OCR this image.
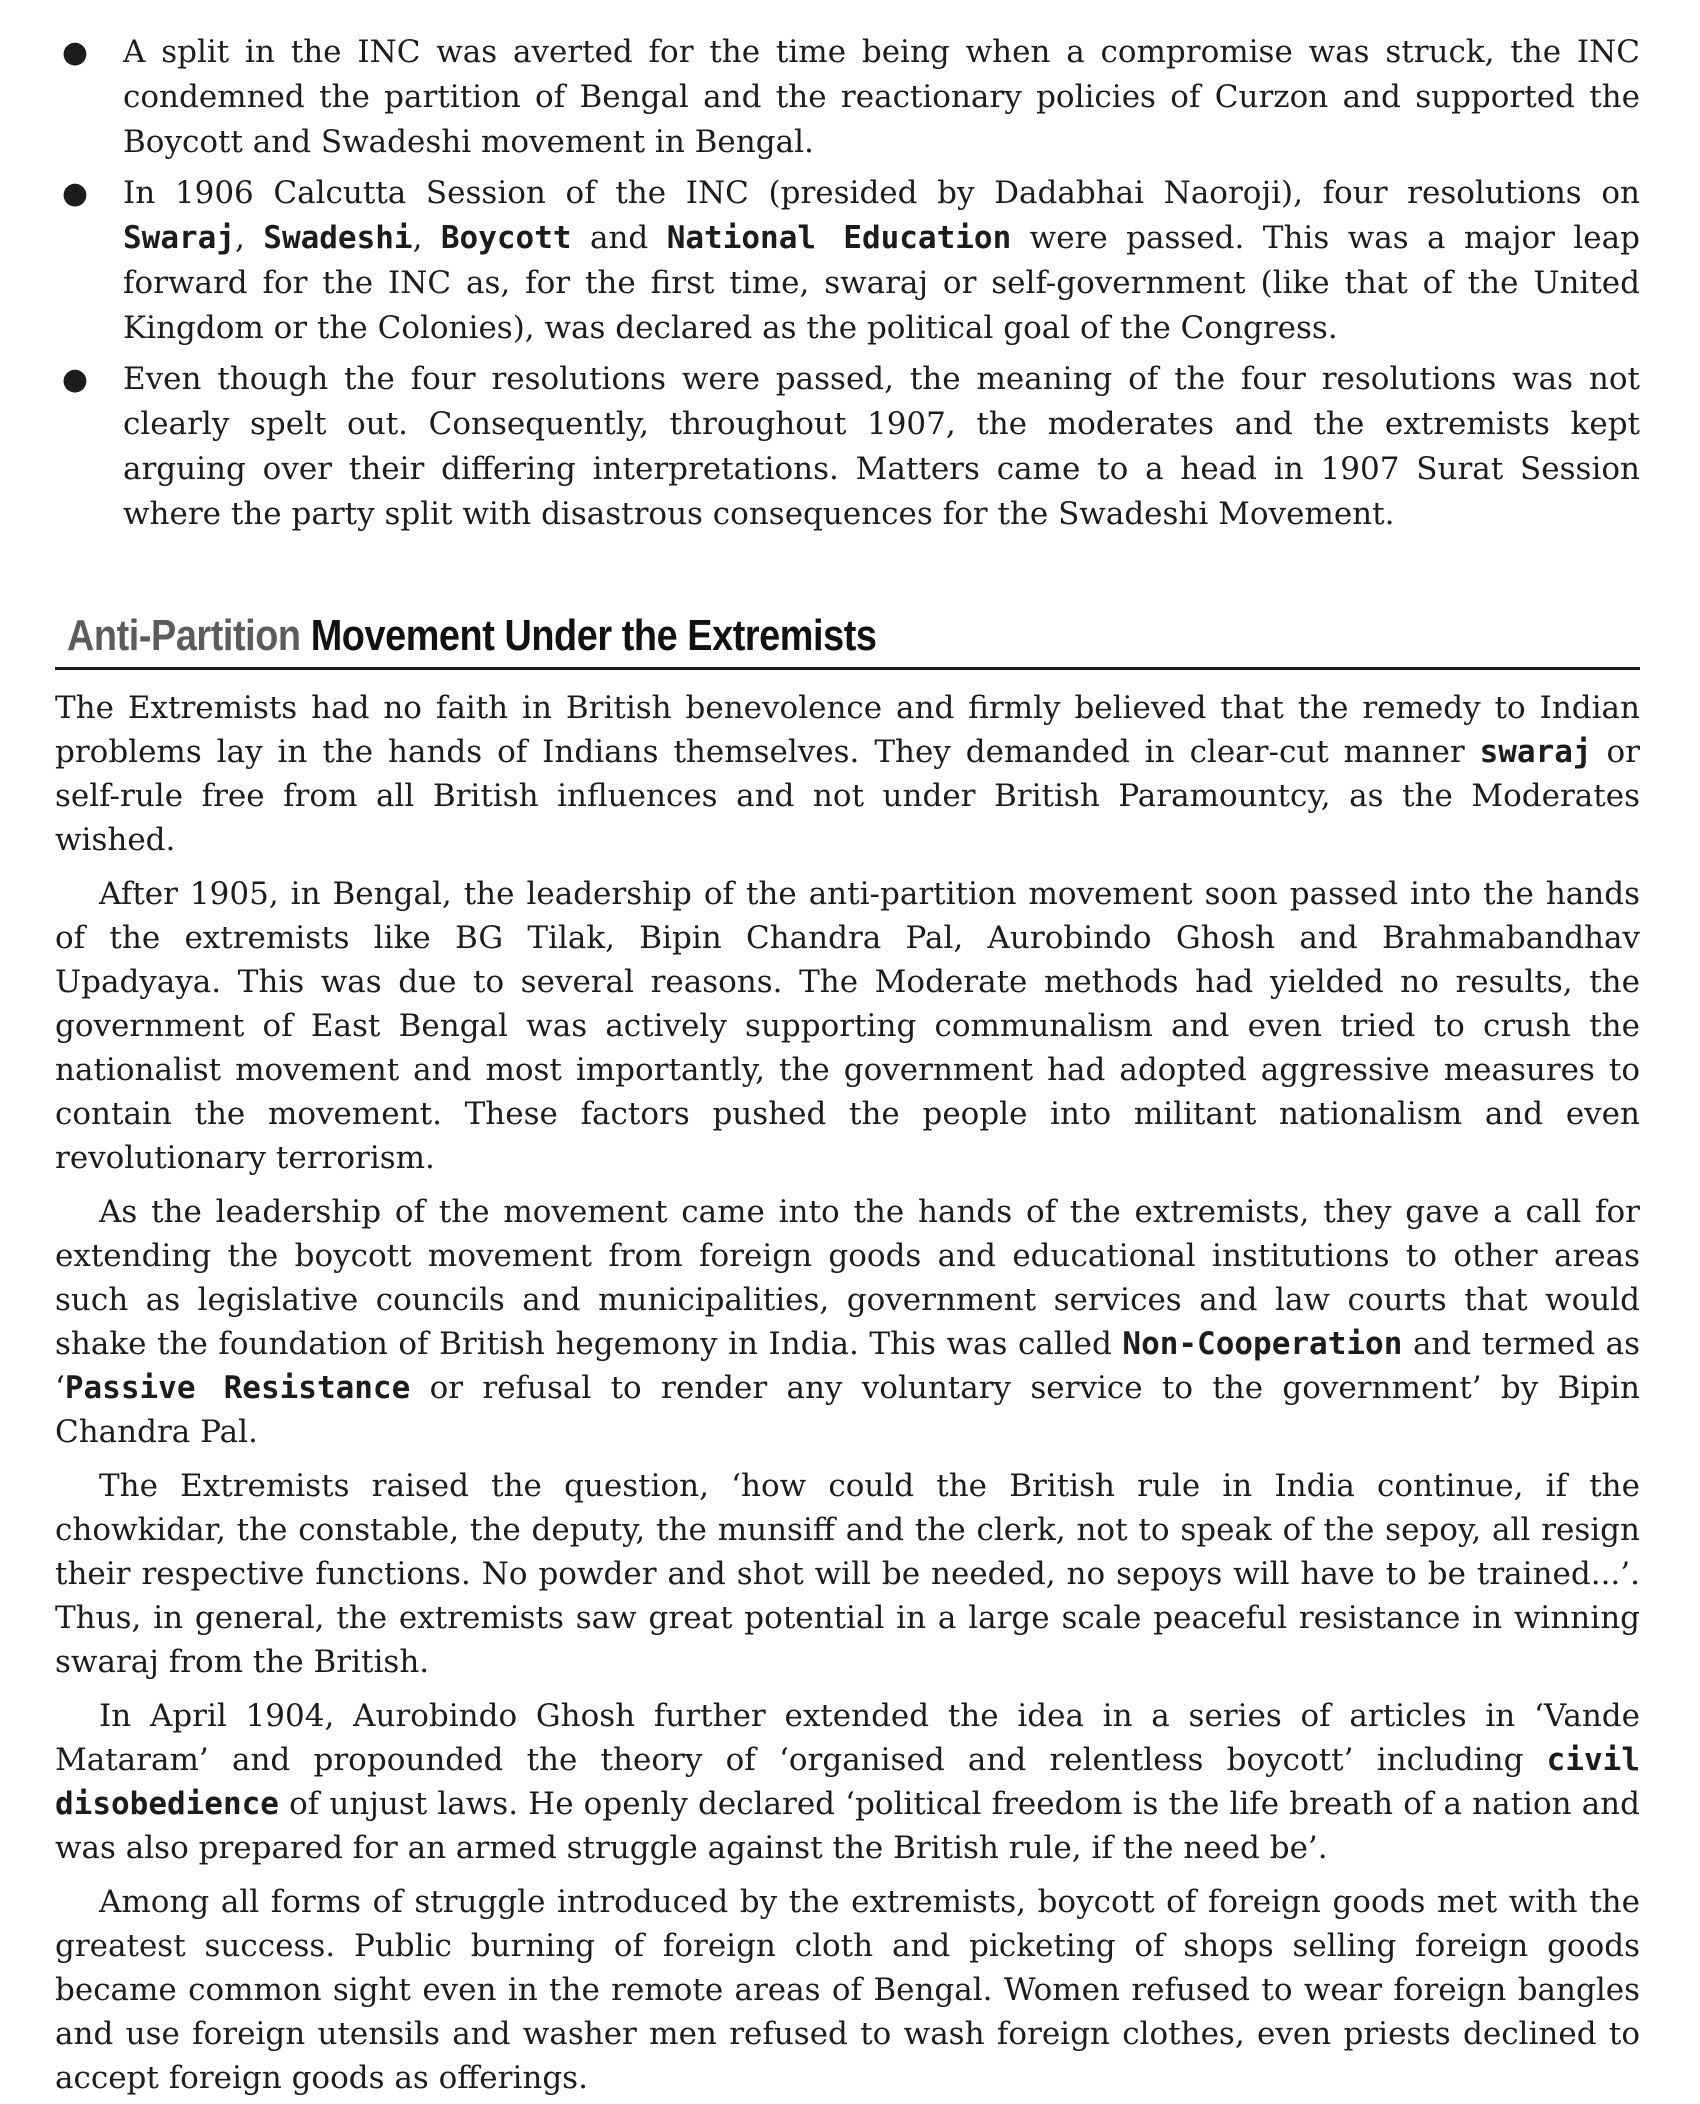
● A split in the INC was averted for the time being when a compromise was struck, the INC condemned the partition of Bengal and the reactionary policies of Curzon and supported the Boycott and Swadeshi movement in Bengal.
● In 1906 Calcutta Session of the INC (presided by Dadabhai Naoroji), four resolutions on Swaraj, Swadeshi, Boycott and National Education were passed. This was a major leap forward for the INC as, for the first time, swaraj or self-government (like that of the United Kingdom or the Colonies), was declared as the political goal of the Congress.
● Even though the four resolutions were passed, the meaning of the four resolutions was not clearly spelt out. Consequently, throughout 1907, the moderates and the extremists kept arguing over their differing interpretations. Matters came to a head in 1907 Surat Session where the party split with disastrous consequences for the Swadeshi Movement.
Anti-Partition Movement Under the Extremists

The Extremists had no faith in British benevolence and firmly believed that the remedy to Indian problems lay in the hands of Indians themselves. They demanded in clear-cut manner swaraj or self-rule free from all British influences and not under British Paramountcy, as the Moderates wished.

After 1905, in Bengal, the leadership of the anti-partition movement soon passed into the hands of the extremists like BG Tilak, Bipin Chandra Pal, Aurobindo Ghosh and Brahmabandhav Upadyaya. This was due to several reasons. The Moderate methods had yielded no results, the government of East Bengal was actively supporting communalism and even tried to crush the nationalist movement and most importantly, the government had adopted aggressive measures to contain the movement. These factors pushed the people into militant nationalism and even revolutionary terrorism.

As the leadership of the movement came into the hands of the extremists, they gave a call for extending the boycott movement from foreign goods and educational institutions to other areas such as legislative councils and municipalities, government services and law courts that would shake the foundation of British hegemony in India. This was called Non-Cooperation and termed as ‘Passive Resistance or refusal to render any voluntary service to the government’ by Bipin Chandra Pal.

The Extremists raised the question, ‘how could the British rule in India continue, if the chowkidar, the constable, the deputy, the munsiff and the clerk, not to speak of the sepoy, all resign their respective functions. No powder and shot will be needed, no sepoys will have to be trained...’. Thus, in general, the extremists saw great potential in a large scale peaceful resistance in winning swaraj from the British.

In April 1904, Aurobindo Ghosh further extended the idea in a series of articles in ‘Vande Mataram’ and propounded the theory of ‘organised and relentless boycott’ including civil disobedience of unjust laws. He openly declared ‘political freedom is the life breath of a nation and was also prepared for an armed struggle against the British rule, if the need be’.

Among all forms of struggle introduced by the extremists, boycott of foreign goods met with the greatest success. Public burning of foreign cloth and picketing of shops selling foreign goods became common sight even in the remote areas of Bengal. Women refused to wear foreign bangles and use foreign utensils and washer men refused to wash foreign clothes, even priests declined to accept foreign goods as offerings.
